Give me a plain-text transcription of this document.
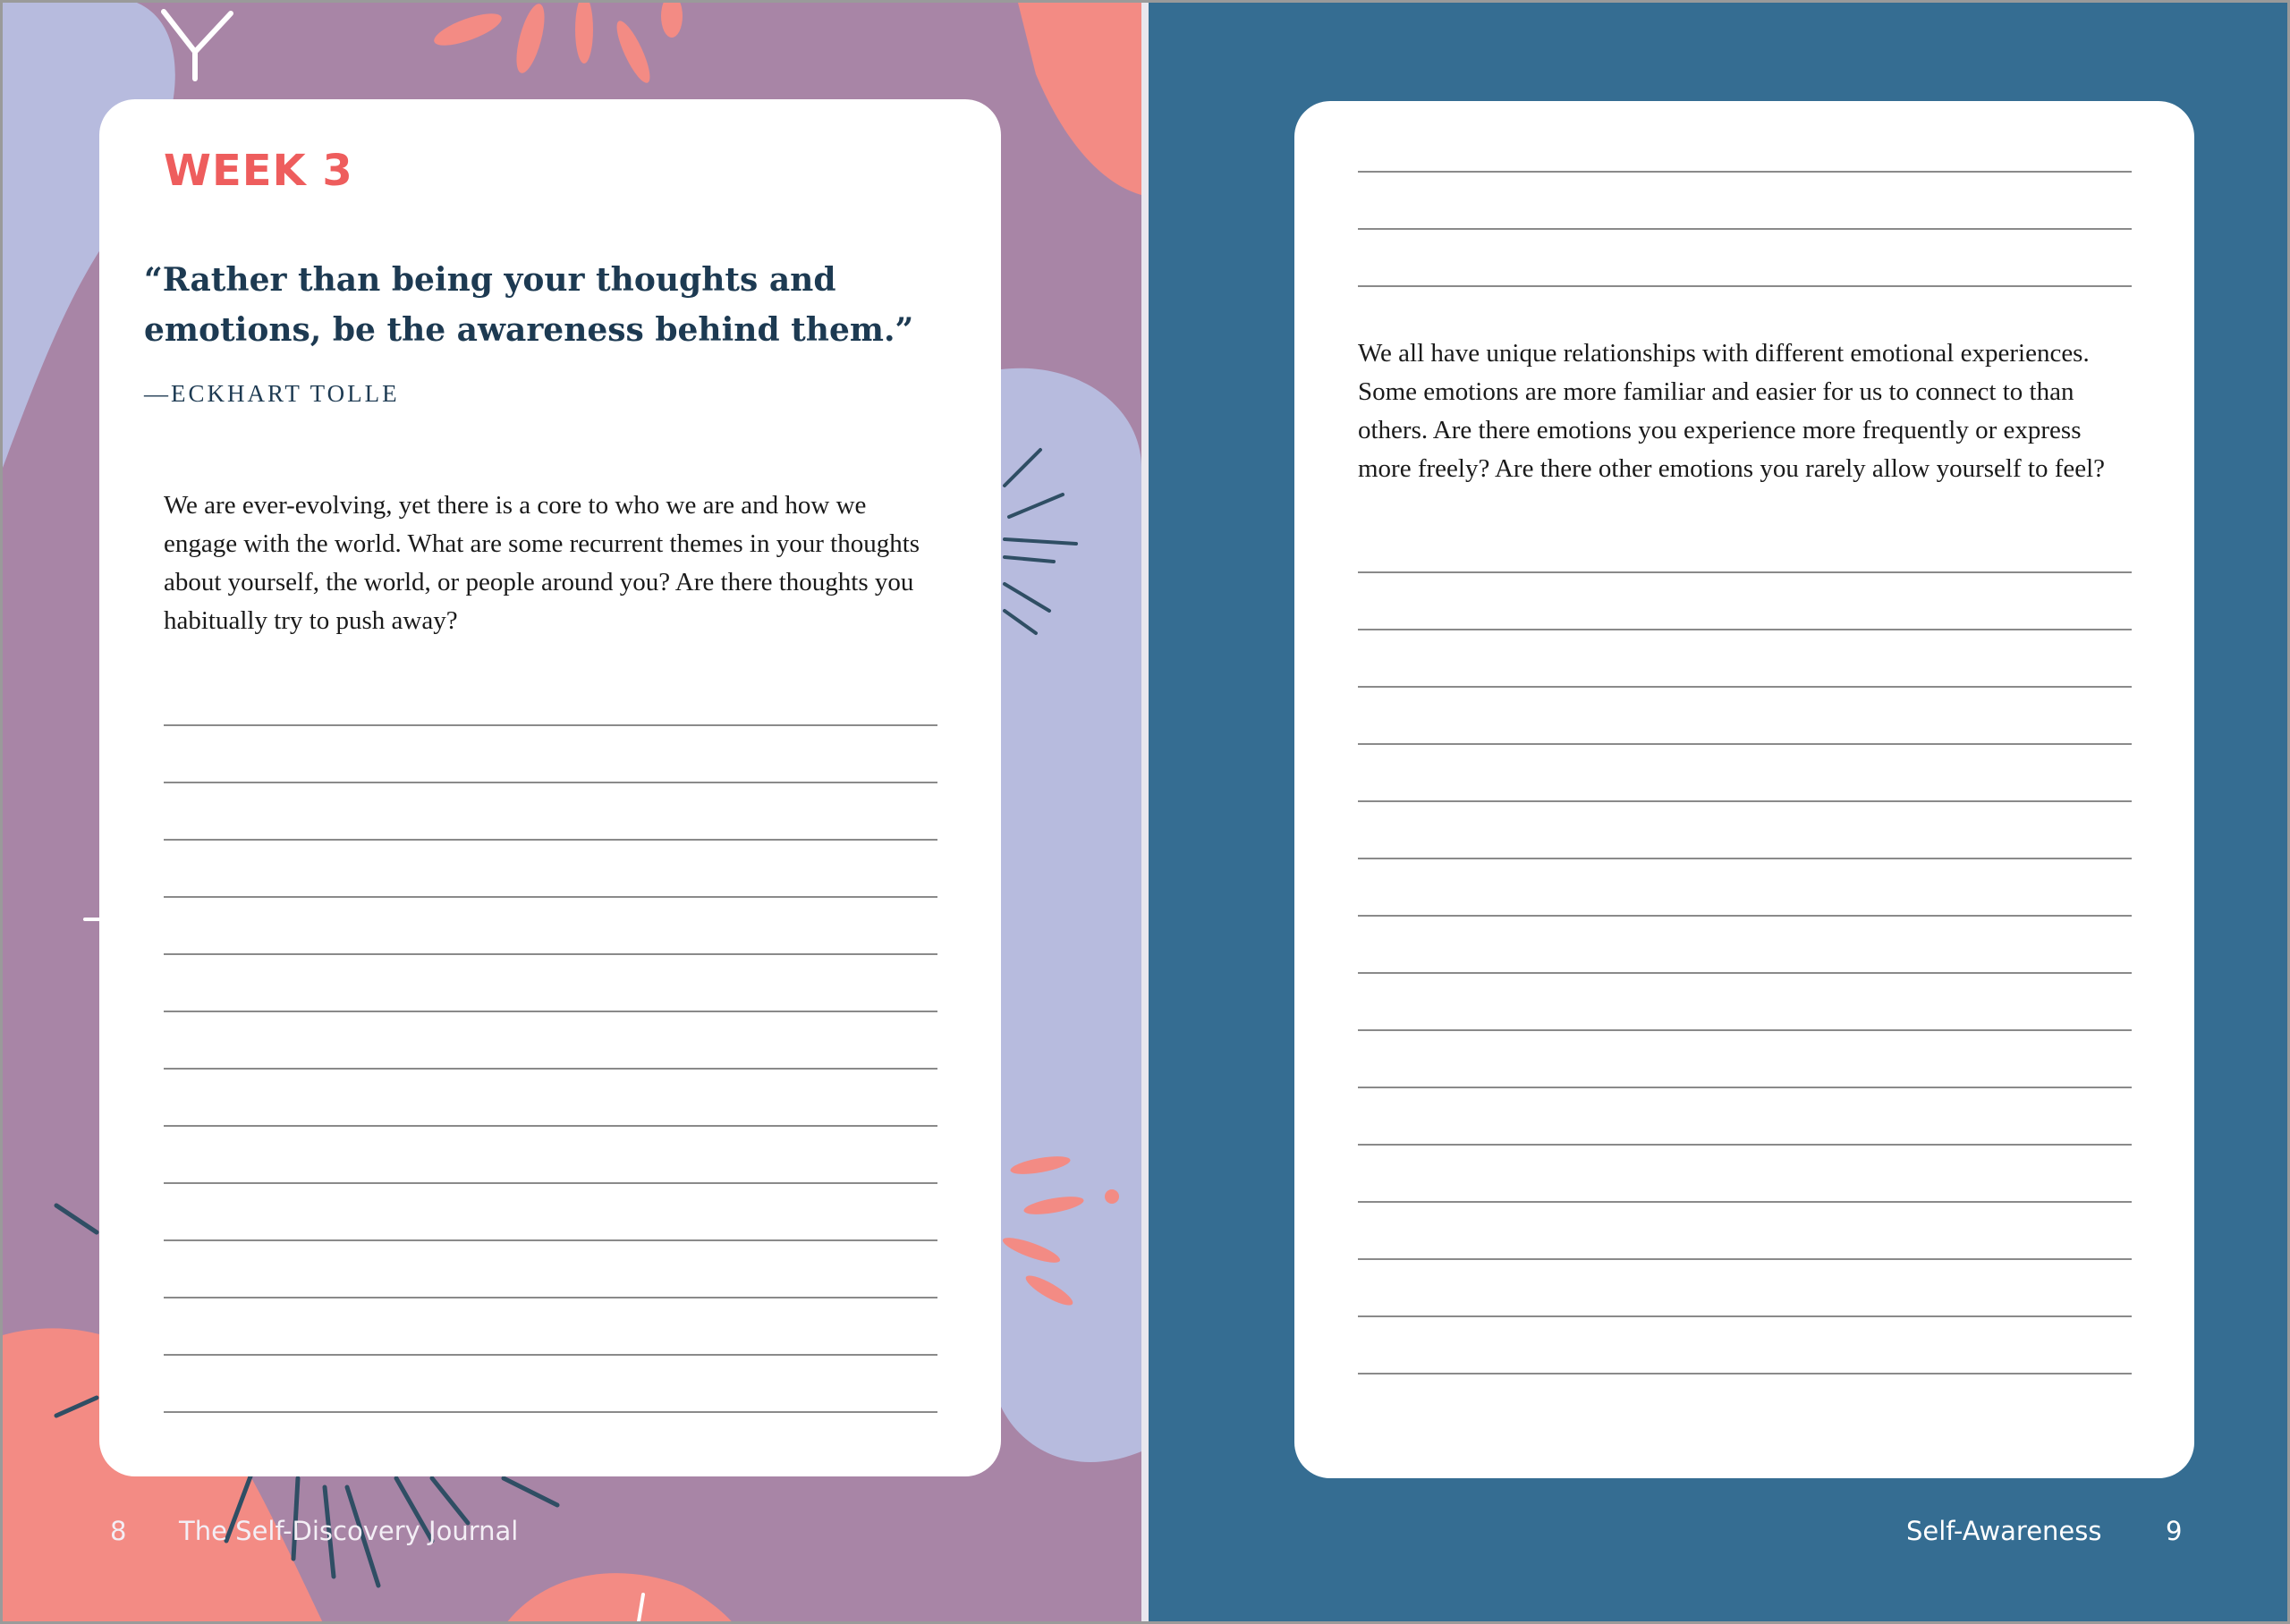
WEEK 3

“Rather than being your thoughts and emotions, be the awareness behind them.”

—ECKHART TOLLE

We are ever-evolving, yet there is a core to who we are and how we engage with the world. What are some recurrent themes in your thoughts about yourself, the world, or people around you? Are there thoughts you habitually try to push away?

8 The Self-Discovery Journal

We all have unique relationships with different emotional experiences. Some emotions are more familiar and easier for us to connect to than others. Are there emotions you experience more frequently or express more freely? Are there other emotions you rarely allow yourself to feel?

Self-Awareness 9
